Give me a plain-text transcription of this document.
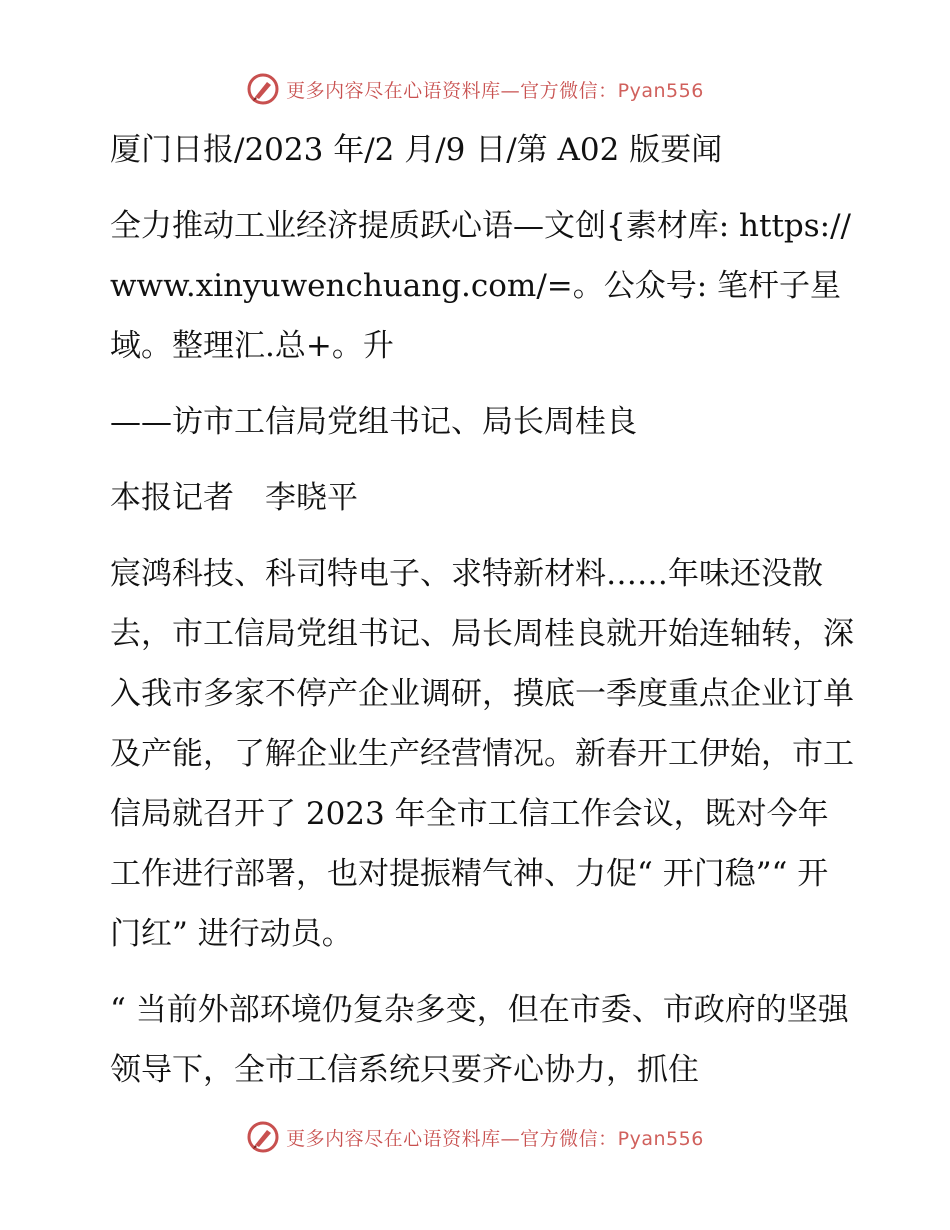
更多内容尽在心语资料库—官方微信：Pyan556

厦门日报/2023 年/2 月/9 日/第 A02 版要闻

全力推动工业经济提质跃心语—文创{素材库: https://www.xinyuwenchuang.com/=。公众号: 笔杆子星域。整理汇.总+。升

——访市工信局党组书记、局长周桂良

本报记者　李晓平

宸鸿科技、科司特电子、求特新材料……年味还没散去，市工信局党组书记、局长周桂良就开始连轴转，深入我市多家不停产企业调研，摸底一季度重点企业订单及产能，了解企业生产经营情况。新春开工伊始，市工信局就召开了 2023 年全市工信工作会议，既对今年工作进行部署，也对提振精气神、力促“ 开门稳”“ 开门红” 进行动员。

“ 当前外部环境仍复杂多变，但在市委、市政府的坚强领导下，全市工信系统只要齐心协力，抓住

更多内容尽在心语资料库—官方微信：Pyan556
